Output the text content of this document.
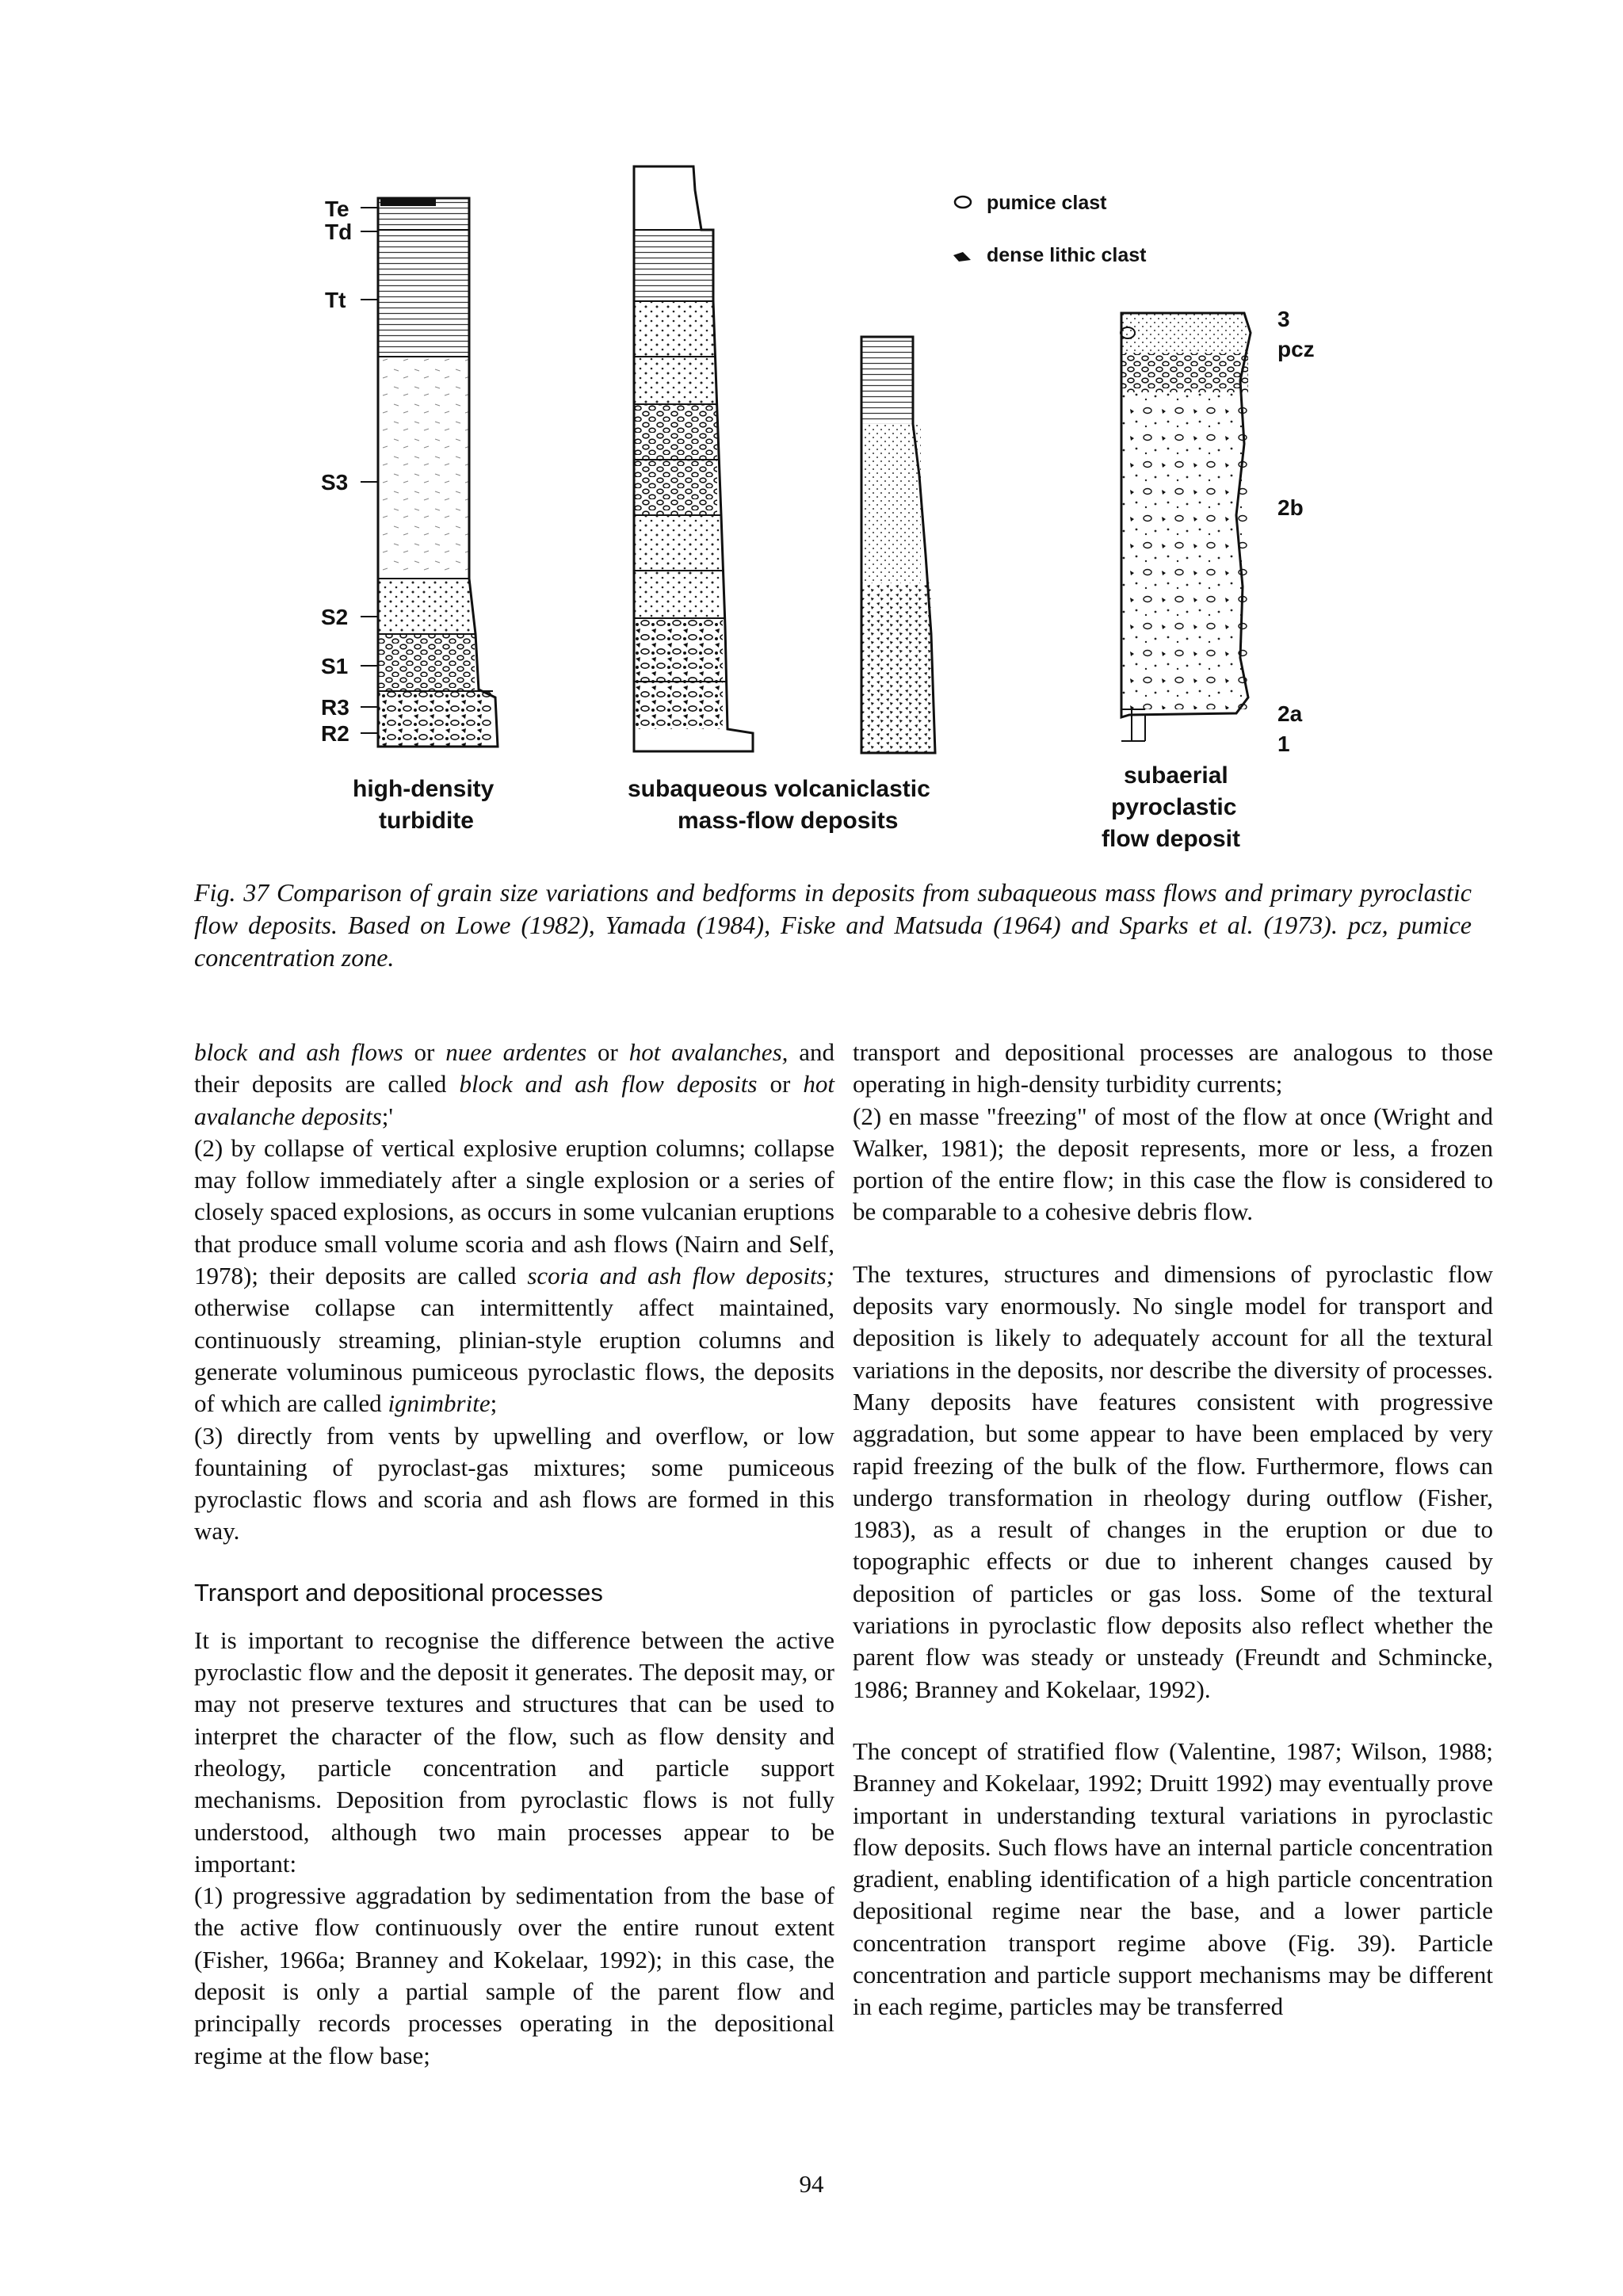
Te
Td
Tt
S3
S2
S1
R3
R2
high-density
turbidite
3
pcz
2b
2a
1
subaerial
pyroclastic
flow deposit
subaqueous volcaniclastic
mass-flow deposits
pumice clast
dense lithic clast
Fig. 37 Comparison of grain size variations and bedforms in deposits from subaqueous mass flows and primary pyroclastic flow deposits. Based on Lowe (1982), Yamada (1984), Fiske and Matsuda (1964) and Sparks et al. (1973). pcz, pumice concentration zone.

block and ash flows or nuee ardentes or hot avalanches, and their deposits are called block and ash flow deposits or hot avalanche deposits;'

(2) by collapse of vertical explosive eruption columns; collapse may follow immediately after a single explosion or a series of closely spaced explosions, as occurs in some vulcanian eruptions that produce small volume scoria and ash flows (Nairn and Self, 1978); their deposits are called scoria and ash flow deposits; otherwise collapse can intermittently affect maintained, continuously streaming, plinian-style eruption columns and generate voluminous pumiceous pyroclastic flows, the deposits of which are called ignimbrite;

(3) directly from vents by upwelling and overflow, or low fountaining of pyroclast-gas mixtures; some pumiceous pyroclastic flows and scoria and ash flows are formed in this way.

Transport and depositional processes

It is important to recognise the difference between the active pyroclastic flow and the deposit it generates. The deposit may, or may not preserve textures and structures that can be used to interpret the character of the flow, such as flow density and rheology, particle concentration and particle support mechanisms. Deposition from pyroclastic flows is not fully understood, although two main processes appear to be important:

(1) progressive aggradation by sedimentation from the base of the active flow continuously over the entire runout extent (Fisher, 1966a; Branney and Kokelaar, 1992); in this case, the deposit is only a partial sample of the parent flow and principally records processes operating in the depositional regime at the flow base;

transport and depositional processes are analogous to those operating in high-density turbidity currents;

(2) en masse "freezing" of most of the flow at once (Wright and Walker, 1981); the deposit represents, more or less, a frozen portion of the entire flow; in this case the flow is considered to be comparable to a cohesive debris flow.

The textures, structures and dimensions of pyroclastic flow deposits vary enormously. No single model for transport and deposition is likely to adequately account for all the textural variations in the deposits, nor describe the diversity of processes. Many deposits have features consistent with progressive aggradation, but some appear to have been emplaced by very rapid freezing of the bulk of the flow. Furthermore, flows can undergo transformation in rheology during outflow (Fisher, 1983), as a result of changes in the eruption or due to topographic effects or due to inherent changes caused by deposition of particles or gas loss. Some of the textural variations in pyroclastic flow deposits also reflect whether the parent flow was steady or unsteady (Freundt and Schmincke, 1986; Branney and Kokelaar, 1992).

The concept of stratified flow (Valentine, 1987; Wilson, 1988; Branney and Kokelaar, 1992; Druitt 1992) may eventually prove important in understanding textural variations in pyroclastic flow deposits. Such flows have an internal particle concentration gradient, enabling identification of a high particle concentration depositional regime near the base, and a lower particle concentration transport regime above (Fig. 39). Particle concentration and particle support mechanisms may be different in each regime, particles may be transferred

94
